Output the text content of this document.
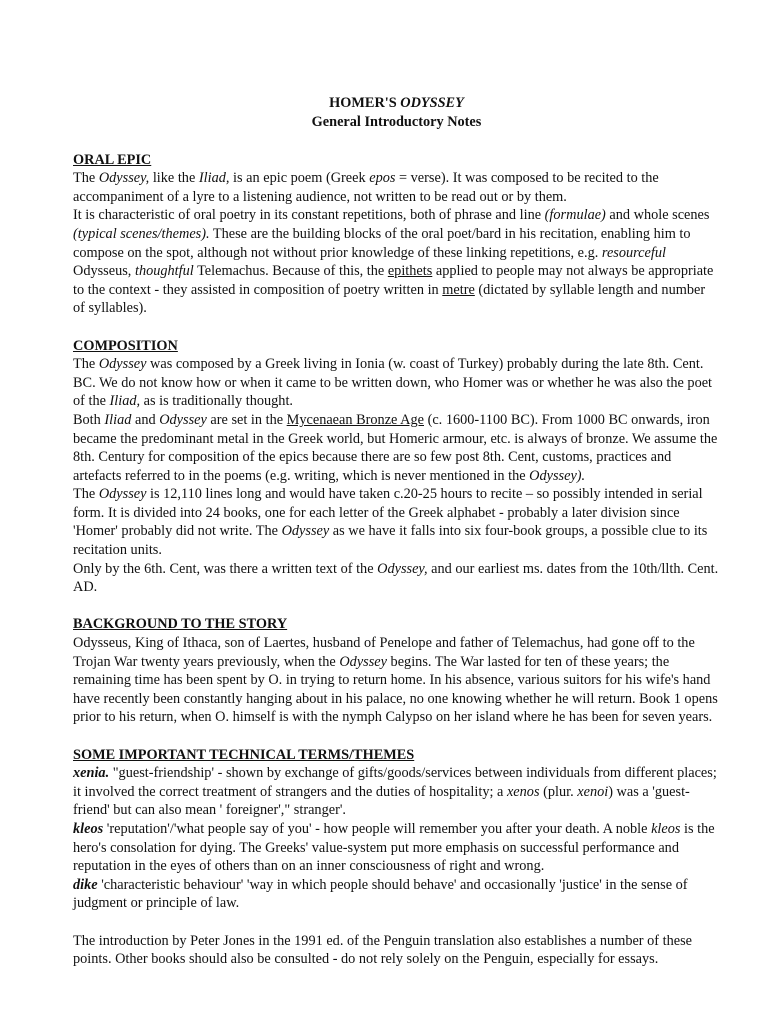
HOMER'S ODYSSEY
General Introductory Notes
ORAL EPIC

The Odyssey, like the Iliad, is an epic poem (Greek epos = verse). It was composed to be recited to the accompaniment of a lyre to a listening audience, not written to be read out or by them.

It is characteristic of oral poetry in its constant repetitions, both of phrase and line (formulae) and whole scenes (typical scenes/themes). These are the building blocks of the oral poet/bard in his recitation, enabling him to compose on the spot, although not without prior knowledge of these linking repetitions, e.g. resourceful Odysseus, thoughtful Telemachus. Because of this, the epithets applied to people may not always be appropriate to the context - they assisted in composition of poetry written in metre (dictated by syllable length and number of syllables).

COMPOSITION

The Odyssey was composed by a Greek living in Ionia (w. coast of Turkey) probably during the late 8th. Cent. BC. We do not know how or when it came to be written down, who Homer was or whether he was also the poet of the Iliad, as is traditionally thought.

Both Iliad and Odyssey are set in the Mycenaean Bronze Age (c. 1600-1100 BC). From 1000 BC onwards, iron became the predominant metal in the Greek world, but Homeric armour, etc. is always of bronze. We assume the 8th. Century for composition of the epics because there are so few post 8th. Cent, customs, practices and artefacts referred to in the poems (e.g. writing, which is never mentioned in the Odyssey).

The Odyssey is 12,110 lines long and would have taken c.20-25 hours to recite – so possibly intended in serial form. It is divided into 24 books, one for each letter of the Greek alphabet - probably a later division since 'Homer' probably did not write. The Odyssey as we have it falls into six four-book groups, a possible clue to its recitation units.

Only by the 6th. Cent, was there a written text of the Odyssey, and our earliest ms. dates from the 10th/llth. Cent. AD.

BACKGROUND TO THE STORY

Odysseus, King of Ithaca, son of Laertes, husband of Penelope and father of Telemachus, had gone off to the Trojan War twenty years previously, when the Odyssey begins. The War lasted for ten of these years; the remaining time has been spent by O. in trying to return home. In his absence, various suitors for his wife's hand have recently been constantly hanging about in his palace, no one knowing whether he will return. Book 1 opens prior to his return, when O. himself is with the nymph Calypso on her island where he has been for seven years.

SOME IMPORTANT TECHNICAL TERMS/THEMES

xenia. "guest-friendship' - shown by exchange of gifts/goods/services between individuals from different places; it involved the correct treatment of strangers and the duties of hospitality; a xenos (plur. xenoi) was a 'guest-friend' but can also mean ' foreigner'," stranger'.

kleos 'reputation'/'what people say of you' - how people will remember you after your death. A noble kleos is the hero's consolation for dying. The Greeks' value-system put more emphasis on successful performance and reputation in the eyes of others than on an inner consciousness of right and wrong.

dike 'characteristic behaviour' 'way in which people should behave' and occasionally 'justice' in the sense of judgment or principle of law.

The introduction by Peter Jones in the 1991 ed. of the Penguin translation also establishes a number of these points. Other books should also be consulted - do not rely solely on the Penguin, especially for essays.
